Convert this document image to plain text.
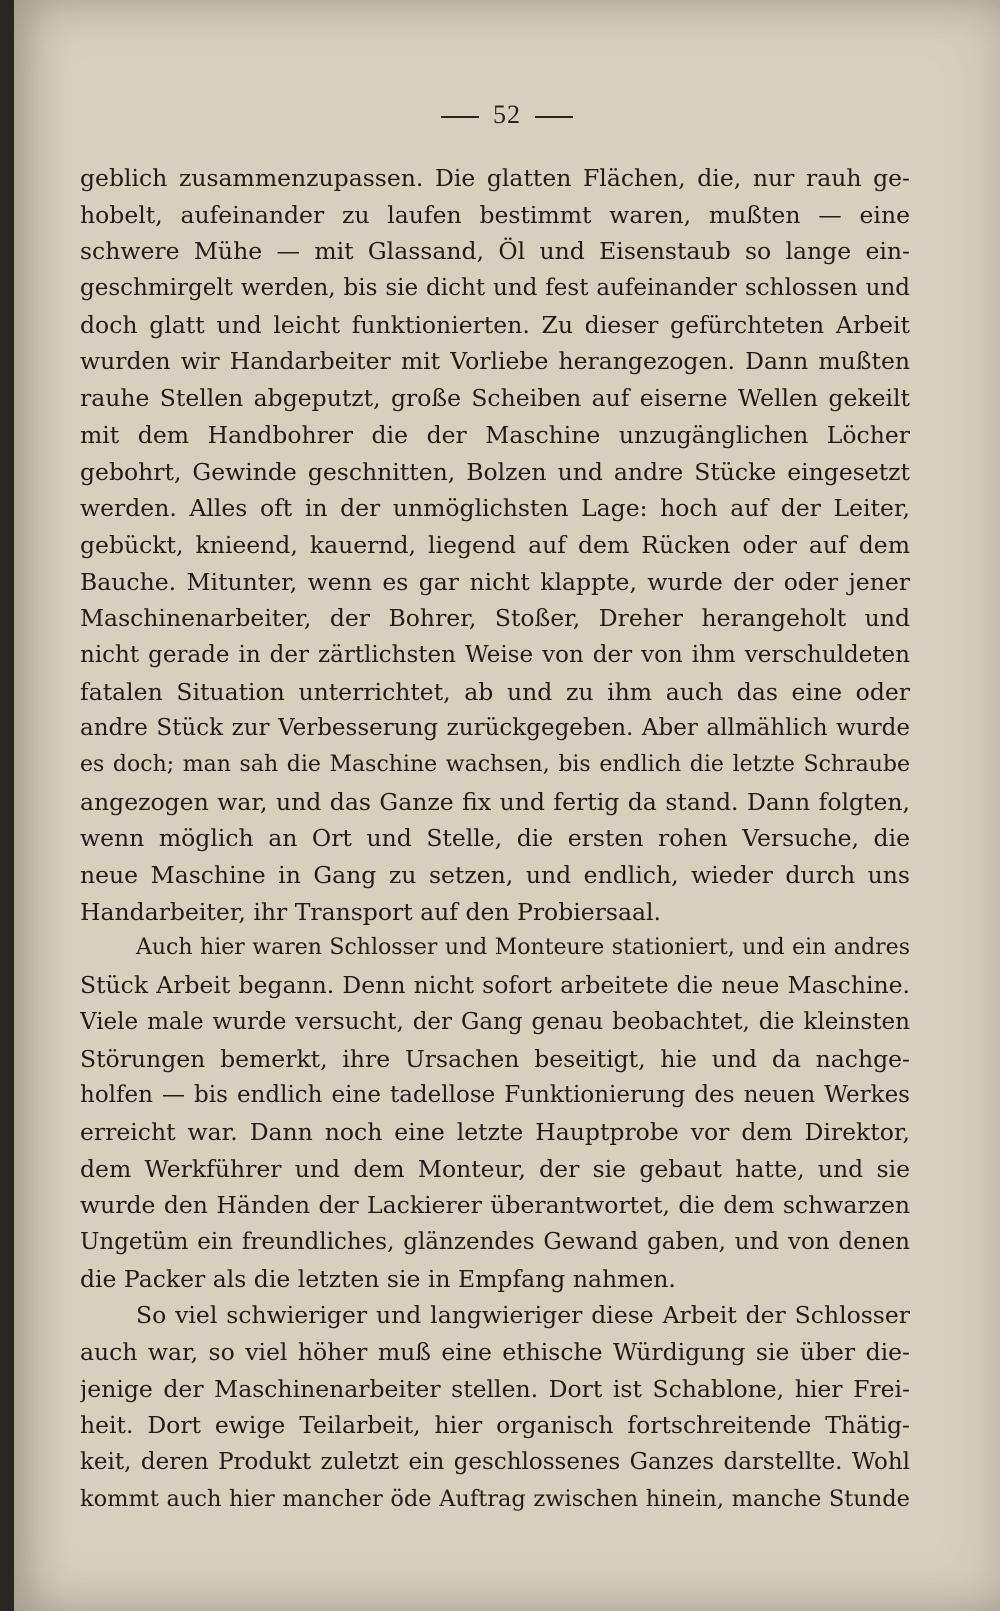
52
geblich zusammenzupassen. Die glatten Flächen, die, nur rauh ge-
hobelt, aufeinander zu laufen bestimmt waren, mußten — eine
schwere Mühe — mit Glassand, Öl und Eisenstaub so lange ein-
geschmirgelt werden, bis sie dicht und fest aufeinander schlossen und
doch glatt und leicht funktionierten. Zu dieser gefürchteten Arbeit
wurden wir Handarbeiter mit Vorliebe herangezogen. Dann mußten
rauhe Stellen abgeputzt, große Scheiben auf eiserne Wellen gekeilt
mit dem Handbohrer die der Maschine unzugänglichen Löcher
gebohrt, Gewinde geschnitten, Bolzen und andre Stücke eingesetzt
werden. Alles oft in der unmöglichsten Lage: hoch auf der Leiter,
gebückt, knieend, kauernd, liegend auf dem Rücken oder auf dem
Bauche. Mitunter, wenn es gar nicht klappte, wurde der oder jener
Maschinenarbeiter, der Bohrer, Stoßer, Dreher herangeholt und
nicht gerade in der zärtlichsten Weise von der von ihm verschuldeten
fatalen Situation unterrichtet, ab und zu ihm auch das eine oder
andre Stück zur Verbesserung zurückgegeben. Aber allmählich wurde
es doch; man sah die Maschine wachsen, bis endlich die letzte Schraube
angezogen war, und das Ganze fix und fertig da stand. Dann folgten,
wenn möglich an Ort und Stelle, die ersten rohen Versuche, die
neue Maschine in Gang zu setzen, und endlich, wieder durch uns
Handarbeiter, ihr Transport auf den Probiersaal.
Auch hier waren Schlosser und Monteure stationiert, und ein andres
Stück Arbeit begann. Denn nicht sofort arbeitete die neue Maschine.
Viele male wurde versucht, der Gang genau beobachtet, die kleinsten
Störungen bemerkt, ihre Ursachen beseitigt, hie und da nachge-
holfen — bis endlich eine tadellose Funktionierung des neuen Werkes
erreicht war. Dann noch eine letzte Hauptprobe vor dem Direktor,
dem Werkführer und dem Monteur, der sie gebaut hatte, und sie
wurde den Händen der Lackierer überantwortet, die dem schwarzen
Ungetüm ein freundliches, glänzendes Gewand gaben, und von denen
die Packer als die letzten sie in Empfang nahmen.
So viel schwieriger und langwieriger diese Arbeit der Schlosser
auch war, so viel höher muß eine ethische Würdigung sie über die-
jenige der Maschinenarbeiter stellen. Dort ist Schablone, hier Frei-
heit. Dort ewige Teilarbeit, hier organisch fortschreitende Thätig-
keit, deren Produkt zuletzt ein geschlossenes Ganzes darstellte. Wohl
kommt auch hier mancher öde Auftrag zwischen hinein, manche Stunde
